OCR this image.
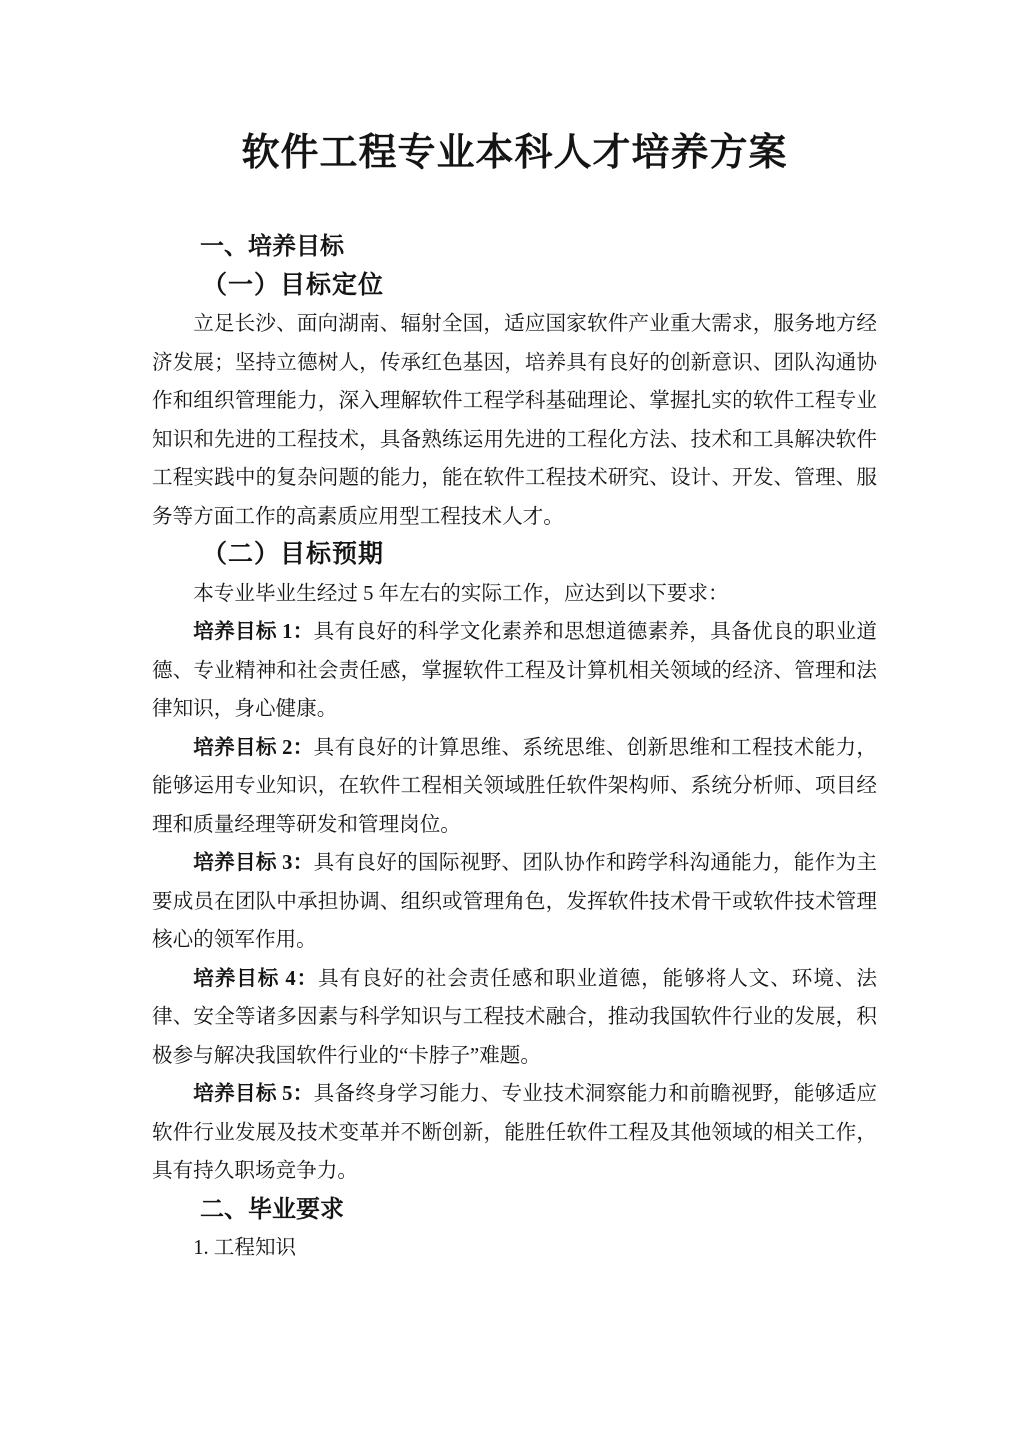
软件工程专业本科人才培养方案
一、培养目标
（一）目标定位

立足长沙、面向湖南、辐射全国，适应国家软件产业重大需求，服务地方经济发展；坚持立德树人，传承红色基因，培养具有良好的创新意识、团队沟通协作和组织管理能力，深入理解软件工程学科基础理论、掌握扎实的软件工程专业知识和先进的工程技术，具备熟练运用先进的工程化方法、技术和工具解决软件工程实践中的复杂问题的能力，能在软件工程技术研究、设计、开发、管理、服务等方面工作的高素质应用型工程技术人才。

（二）目标预期

本专业毕业生经过 5 年左右的实际工作，应达到以下要求：

培养目标 1：具有良好的科学文化素养和思想道德素养，具备优良的职业道德、专业精神和社会责任感，掌握软件工程及计算机相关领域的经济、管理和法律知识，身心健康。

培养目标 2：具有良好的计算思维、系统思维、创新思维和工程技术能力，能够运用专业知识，在软件工程相关领域胜任软件架构师、系统分析师、项目经理和质量经理等研发和管理岗位。

培养目标 3：具有良好的国际视野、团队协作和跨学科沟通能力，能作为主要成员在团队中承担协调、组织或管理角色，发挥软件技术骨干或软件技术管理核心的领军作用。

培养目标 4：具有良好的社会责任感和职业道德，能够将人文、环境、法律、安全等诸多因素与科学知识与工程技术融合，推动我国软件行业的发展，积极参与解决我国软件行业的“卡脖子”难题。

培养目标 5：具备终身学习能力、专业技术洞察能力和前瞻视野，能够适应软件行业发展及技术变革并不断创新，能胜任软件工程及其他领域的相关工作，具有持久职场竞争力。

二、毕业要求

1. 工程知识
